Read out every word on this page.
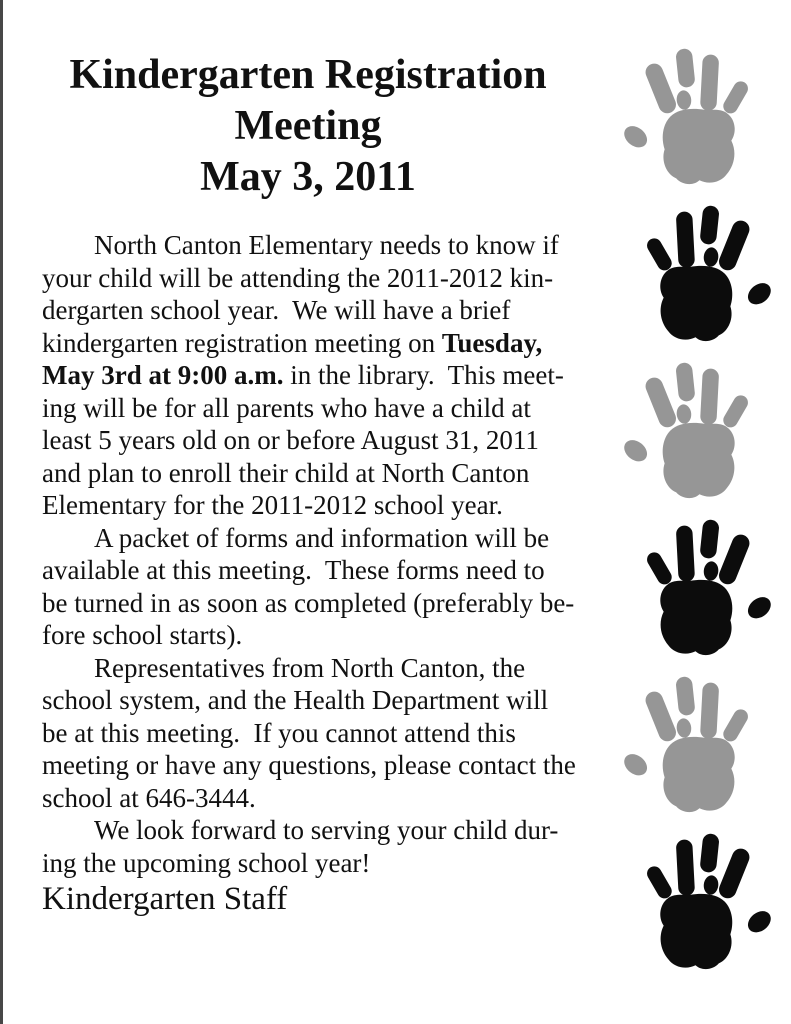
Kindergarten Registration
Meeting
May 3, 2011
North Canton Elementary needs to know if
your child will be attending the 2011-2012 kin-
dergarten school year.  We will have a brief
kindergarten registration meeting on Tuesday,
May 3rd at 9:00 a.m. in the library.  This meet-
ing will be for all parents who have a child at
least 5 years old on or before August 31, 2011
and plan to enroll their child at North Canton
Elementary for the 2011-2012 school year.
A packet of forms and information will be
available at this meeting.  These forms need to
be turned in as soon as completed (preferably be-
fore school starts).
Representatives from North Canton, the
school system, and the Health Department will
be at this meeting.  If you cannot attend this
meeting or have any questions, please contact the
school at 646-3444.
We look forward to serving your child dur-
ing the upcoming school year!
Kindergarten Staff
